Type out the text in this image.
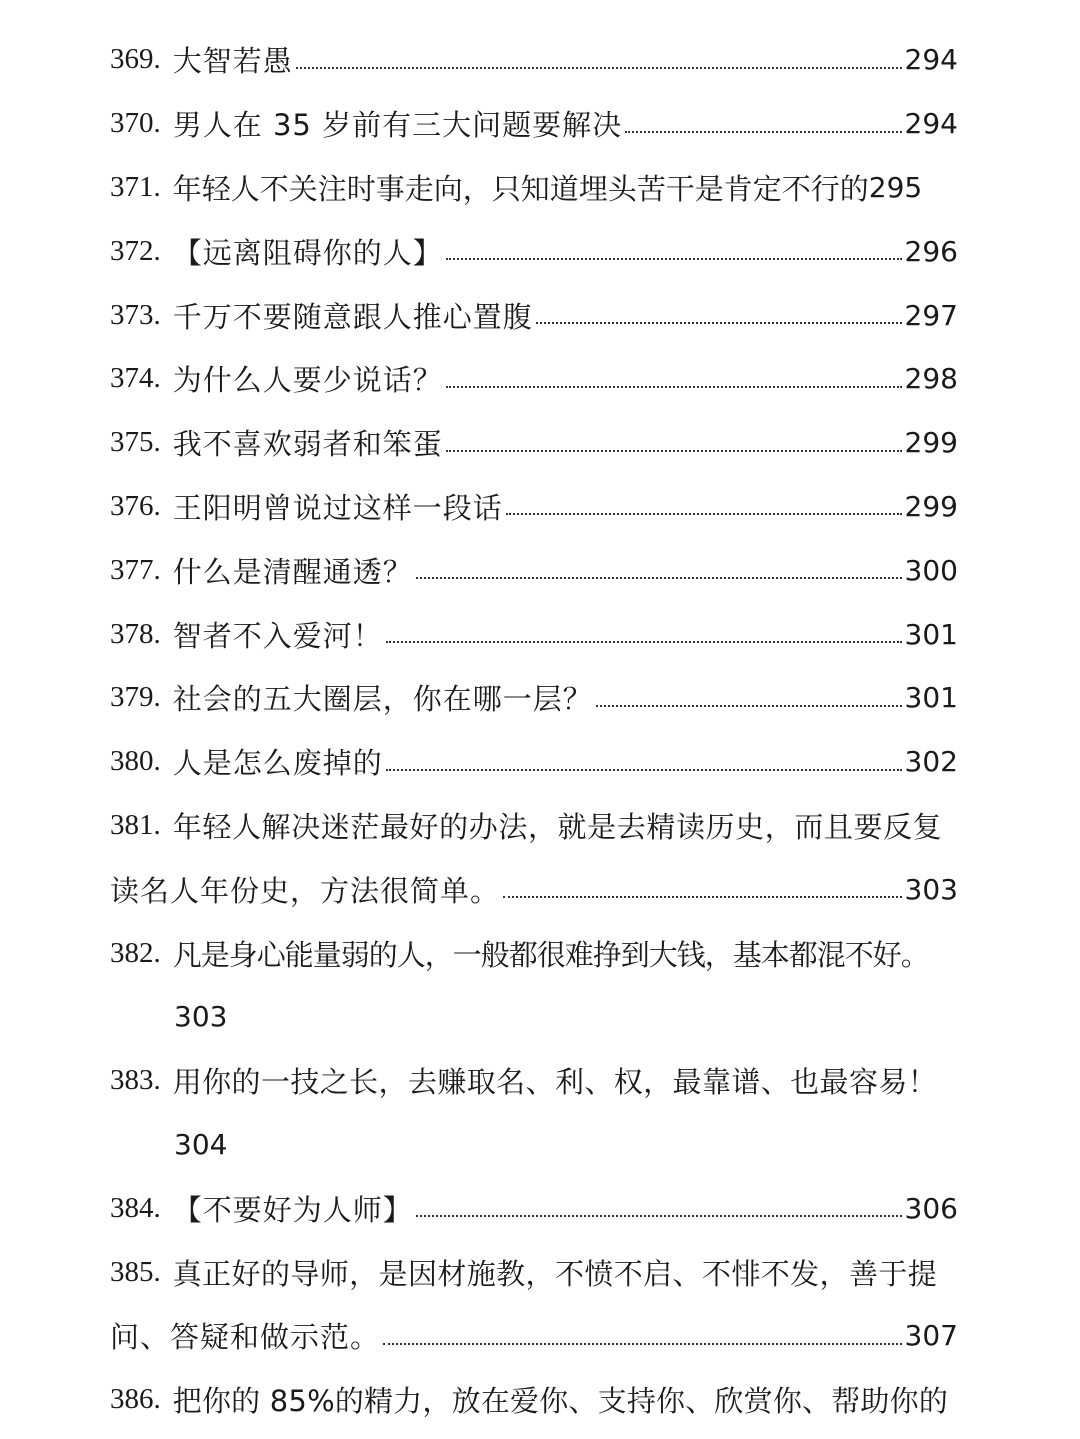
369. 大智若愚	294
370. 男人在 35 岁前有三大问题要解决	294
371. 年轻人不关注时事走向，只知道埋头苦干是肯定不行的 295
372. 【远离阻碍你的人】	296
373. 千万不要随意跟人推心置腹	297
374. 为什么人要少说话？	298
375. 我不喜欢弱者和笨蛋	299
376. 王阳明曾说过这样一段话	299
377. 什么是清醒通透？	300
378. 智者不入爱河！	301
379. 社会的五大圈层，你在哪一层？	301
380. 人是怎么废掉的	302
381. 年轻人解决迷茫最好的办法，就是去精读历史，而且要反复
读名人年份史，方法很简单。	303
382. 凡是身心能量弱的人，一般都很难挣到大钱，基本都混不好。
303
383. 用你的一技之长，去赚取名、利、权，最靠谱、也最容易！
304
384. 【不要好为人师】	306
385. 真正好的导师，是因材施教，不愤不启、不悱不发，善于提
问、答疑和做示范。	307
386. 把你的 85%的精力，放在爱你、支持你、欣赏你、帮助你的
